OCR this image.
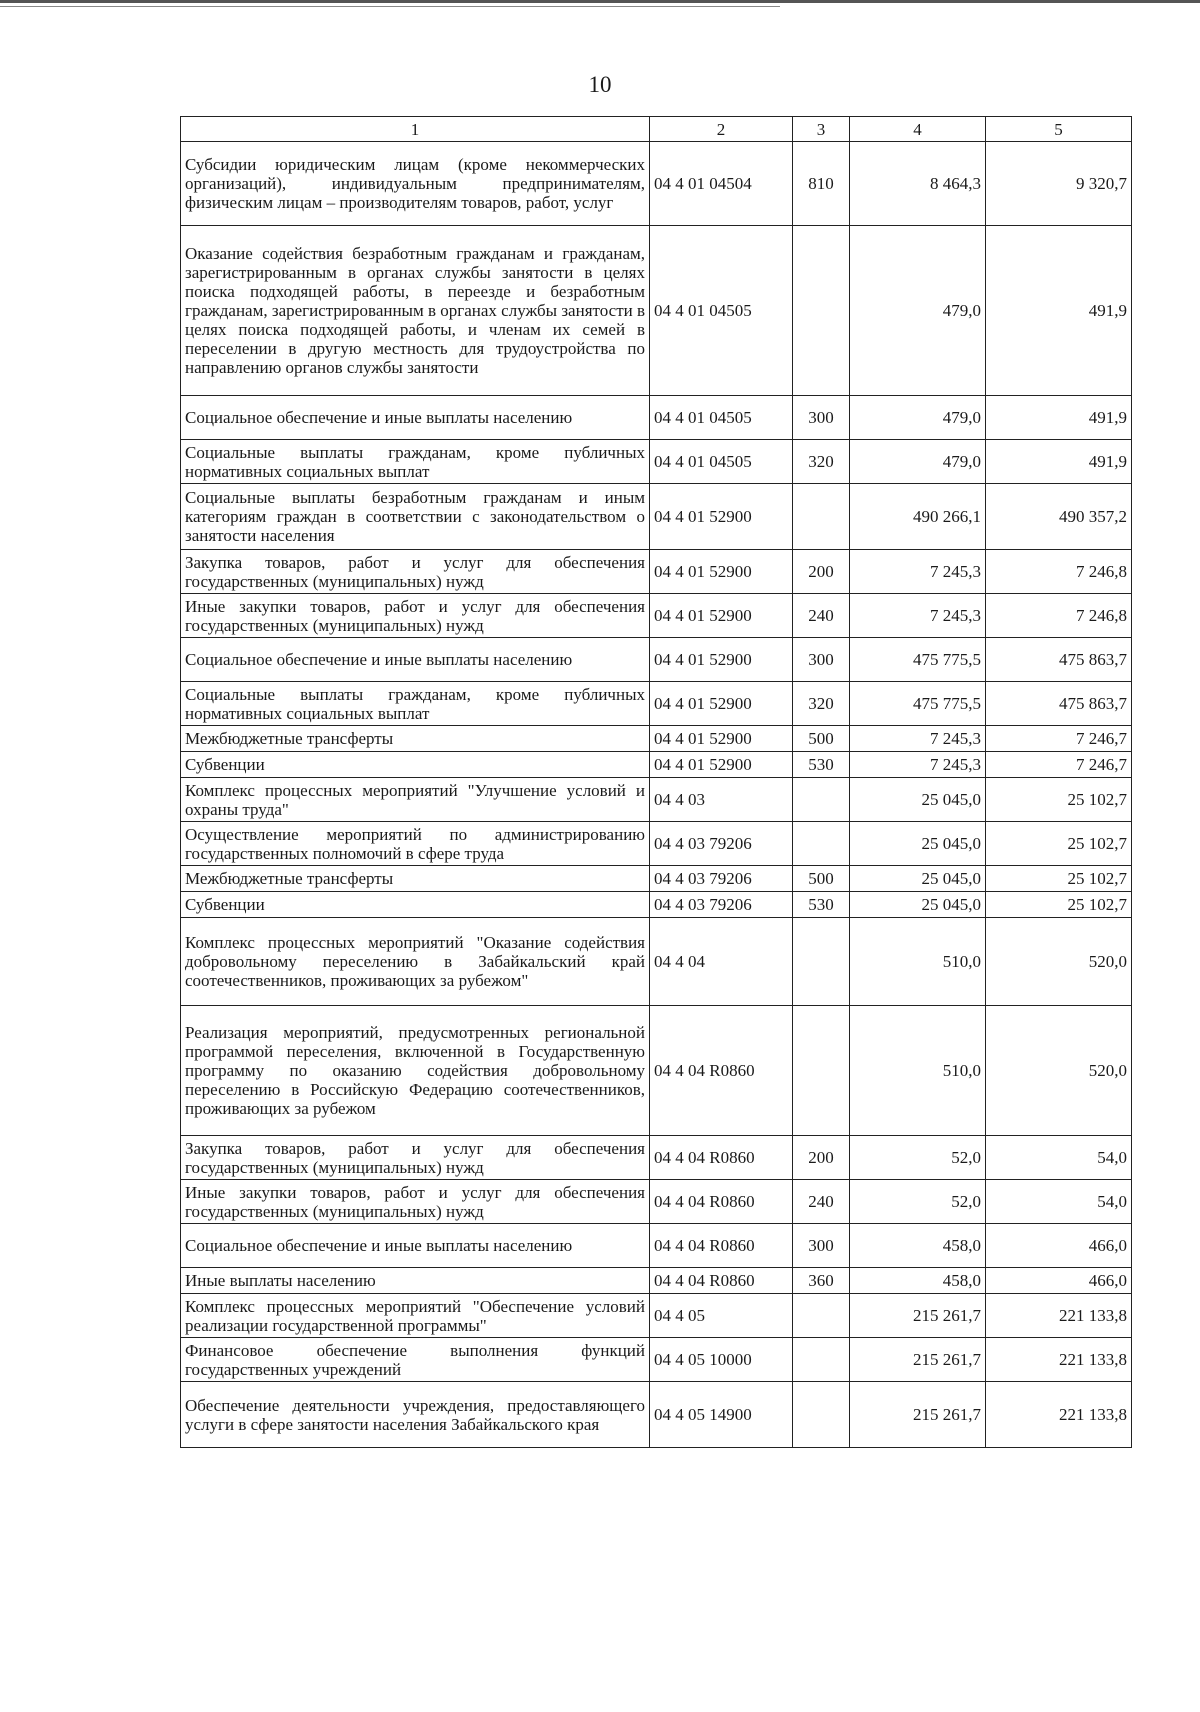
10
1	2	3	4	5
Субсидии юридическим лицам (кроме некоммерческих организаций), индивидуальным предпринимателям, физическим лицам – производителям товаров, работ, услуг	04 4 01 04504	810	8 464,3	9 320,7
Оказание содействия безработным гражданам и гражданам, зарегистрированным в органах службы занятости в целях поиска подходящей работы, в переезде и безработным гражданам, зарегистрированным в органах службы занятости в целях поиска подходящей работы, и членам их семей в переселении в другую местность для трудоустройства по направлению органов службы занятости	04 4 01 04505		479,0	491,9
Социальное обеспечение и иные выплаты населению	04 4 01 04505	300	479,0	491,9
Социальные выплаты гражданам, кроме публичных нормативных социальных выплат	04 4 01 04505	320	479,0	491,9
Социальные выплаты безработным гражданам и иным категориям граждан в соответствии с законодательством о занятости населения	04 4 01 52900		490 266,1	490 357,2
Закупка товаров, работ и услуг для обеспечения государственных (муниципальных) нужд	04 4 01 52900	200	7 245,3	7 246,8
Иные закупки товаров, работ и услуг для обеспечения государственных (муниципальных) нужд	04 4 01 52900	240	7 245,3	7 246,8
Социальное обеспечение и иные выплаты населению	04 4 01 52900	300	475 775,5	475 863,7
Социальные выплаты гражданам, кроме публичных нормативных социальных выплат	04 4 01 52900	320	475 775,5	475 863,7
Межбюджетные трансферты	04 4 01 52900	500	7 245,3	7 246,7
Субвенции	04 4 01 52900	530	7 245,3	7 246,7
Комплекс процессных мероприятий "Улучшение условий и охраны труда"	04 4 03		25 045,0	25 102,7
Осуществление мероприятий по администрированию государственных полномочий в сфере труда	04 4 03 79206		25 045,0	25 102,7
Межбюджетные трансферты	04 4 03 79206	500	25 045,0	25 102,7
Субвенции	04 4 03 79206	530	25 045,0	25 102,7
Комплекс процессных мероприятий "Оказание содействия добровольному переселению в Забайкальский край соотечественников, проживающих за рубежом"	04 4 04		510,0	520,0
Реализация мероприятий, предусмотренных региональной программой переселения, включенной в Государственную программу по оказанию содействия добровольному переселению в Российскую Федерацию соотечественников, проживающих за рубежом	04 4 04 R0860		510,0	520,0
Закупка товаров, работ и услуг для обеспечения государственных (муниципальных) нужд	04 4 04 R0860	200	52,0	54,0
Иные закупки товаров, работ и услуг для обеспечения государственных (муниципальных) нужд	04 4 04 R0860	240	52,0	54,0
Социальное обеспечение и иные выплаты населению	04 4 04 R0860	300	458,0	466,0
Иные выплаты населению	04 4 04 R0860	360	458,0	466,0
Комплекс процессных мероприятий "Обеспечение условий реализации государственной программы"	04 4 05		215 261,7	221 133,8
Финансовое обеспечение выполнения функций государственных учреждений	04 4 05 10000		215 261,7	221 133,8
Обеспечение деятельности учреждения, предоставляющего услуги в сфере занятости населения Забайкальского края	04 4 05 14900		215 261,7	221 133,8
